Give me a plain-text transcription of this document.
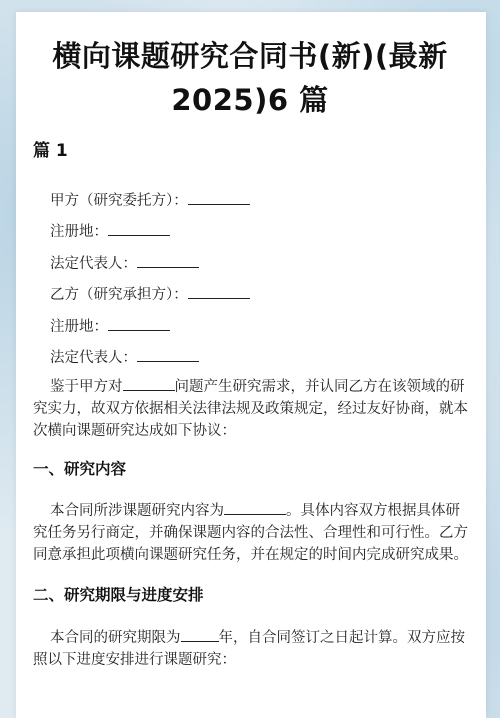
横向课题研究合同书(新)(最新
2025)6 篇
篇 1
甲方（研究委托方）：
注册地：
法定代表人：
乙方（研究承担方）：
注册地：
法定代表人：
鉴于甲方对	问题产生研究需求，并认同乙方在该领域的研究实力，故双方依据相关法律法规及政策规定，经过友好协商，就本次横向课题研究达成如下协议：
一、研究内容
本合同所涉课题研究内容为	。具体内容双方根据具体研究任务另行商定，并确保课题内容的合法性、合理性和可行性。乙方同意承担此项横向课题研究任务，并在规定的时间内完成研究成果。
二、研究期限与进度安排
本合同的研究期限为	年，自合同签订之日起计算。双方应按照以下进度安排进行课题研究：
